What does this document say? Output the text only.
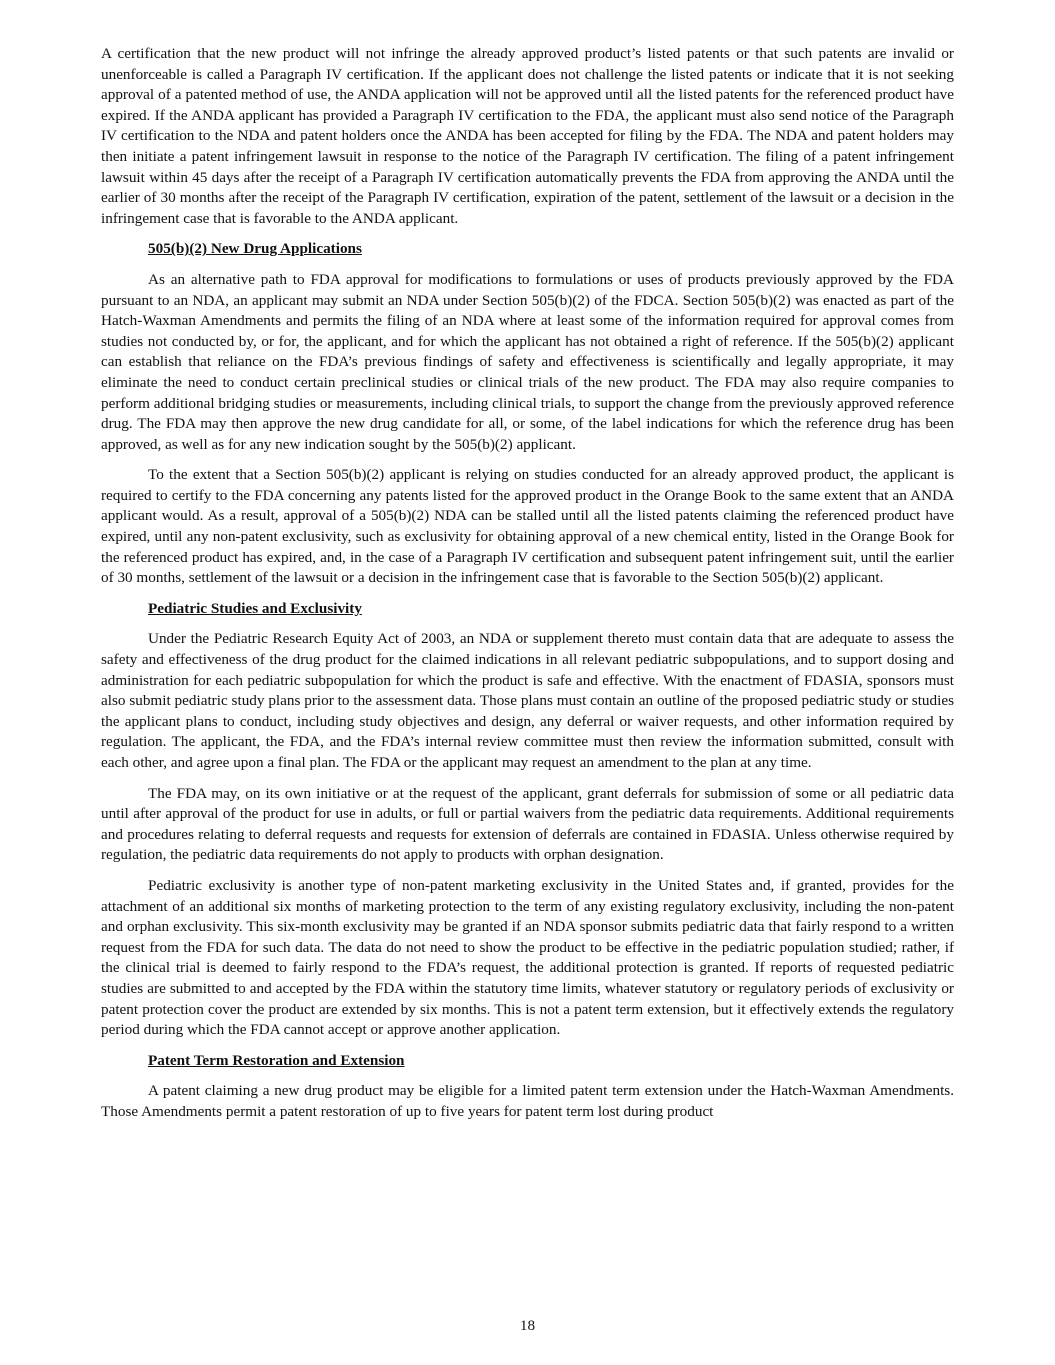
A certification that the new product will not infringe the already approved product’s listed patents or that such patents are invalid or unenforceable is called a Paragraph IV certification. If the applicant does not challenge the listed patents or indicate that it is not seeking approval of a patented method of use, the ANDA application will not be approved until all the listed patents for the referenced product have expired. If the ANDA applicant has provided a Paragraph IV certification to the FDA, the applicant must also send notice of the Paragraph IV certification to the NDA and patent holders once the ANDA has been accepted for filing by the FDA. The NDA and patent holders may then initiate a patent infringement lawsuit in response to the notice of the Paragraph IV certification. The filing of a patent infringement lawsuit within 45 days after the receipt of a Paragraph IV certification automatically prevents the FDA from approving the ANDA until the earlier of 30 months after the receipt of the Paragraph IV certification, expiration of the patent, settlement of the lawsuit or a decision in the infringement case that is favorable to the ANDA applicant.

505(b)(2) New Drug Applications

As an alternative path to FDA approval for modifications to formulations or uses of products previously approved by the FDA pursuant to an NDA, an applicant may submit an NDA under Section 505(b)(2) of the FDCA. Section 505(b)(2) was enacted as part of the Hatch-Waxman Amendments and permits the filing of an NDA where at least some of the information required for approval comes from studies not conducted by, or for, the applicant, and for which the applicant has not obtained a right of reference. If the 505(b)(2) applicant can establish that reliance on the FDA’s previous findings of safety and effectiveness is scientifically and legally appropriate, it may eliminate the need to conduct certain preclinical studies or clinical trials of the new product. The FDA may also require companies to perform additional bridging studies or measurements, including clinical trials, to support the change from the previously approved reference drug. The FDA may then approve the new drug candidate for all, or some, of the label indications for which the reference drug has been approved, as well as for any new indication sought by the 505(b)(2) applicant.

To the extent that a Section 505(b)(2) applicant is relying on studies conducted for an already approved product, the applicant is required to certify to the FDA concerning any patents listed for the approved product in the Orange Book to the same extent that an ANDA applicant would. As a result, approval of a 505(b)(2) NDA can be stalled until all the listed patents claiming the referenced product have expired, until any non-patent exclusivity, such as exclusivity for obtaining approval of a new chemical entity, listed in the Orange Book for the referenced product has expired, and, in the case of a Paragraph IV certification and subsequent patent infringement suit, until the earlier of 30 months, settlement of the lawsuit or a decision in the infringement case that is favorable to the Section 505(b)(2) applicant.

Pediatric Studies and Exclusivity

Under the Pediatric Research Equity Act of 2003, an NDA or supplement thereto must contain data that are adequate to assess the safety and effectiveness of the drug product for the claimed indications in all relevant pediatric subpopulations, and to support dosing and administration for each pediatric subpopulation for which the product is safe and effective. With the enactment of FDASIA, sponsors must also submit pediatric study plans prior to the assessment data. Those plans must contain an outline of the proposed pediatric study or studies the applicant plans to conduct, including study objectives and design, any deferral or waiver requests, and other information required by regulation. The applicant, the FDA, and the FDA’s internal review committee must then review the information submitted, consult with each other, and agree upon a final plan. The FDA or the applicant may request an amendment to the plan at any time.

The FDA may, on its own initiative or at the request of the applicant, grant deferrals for submission of some or all pediatric data until after approval of the product for use in adults, or full or partial waivers from the pediatric data requirements. Additional requirements and procedures relating to deferral requests and requests for extension of deferrals are contained in FDASIA. Unless otherwise required by regulation, the pediatric data requirements do not apply to products with orphan designation.

Pediatric exclusivity is another type of non-patent marketing exclusivity in the United States and, if granted, provides for the attachment of an additional six months of marketing protection to the term of any existing regulatory exclusivity, including the non-patent and orphan exclusivity. This six-month exclusivity may be granted if an NDA sponsor submits pediatric data that fairly respond to a written request from the FDA for such data. The data do not need to show the product to be effective in the pediatric population studied; rather, if the clinical trial is deemed to fairly respond to the FDA’s request, the additional protection is granted. If reports of requested pediatric studies are submitted to and accepted by the FDA within the statutory time limits, whatever statutory or regulatory periods of exclusivity or patent protection cover the product are extended by six months. This is not a patent term extension, but it effectively extends the regulatory period during which the FDA cannot accept or approve another application.

Patent Term Restoration and Extension

A patent claiming a new drug product may be eligible for a limited patent term extension under the Hatch-Waxman Amendments. Those Amendments permit a patent restoration of up to five years for patent term lost during product

18
